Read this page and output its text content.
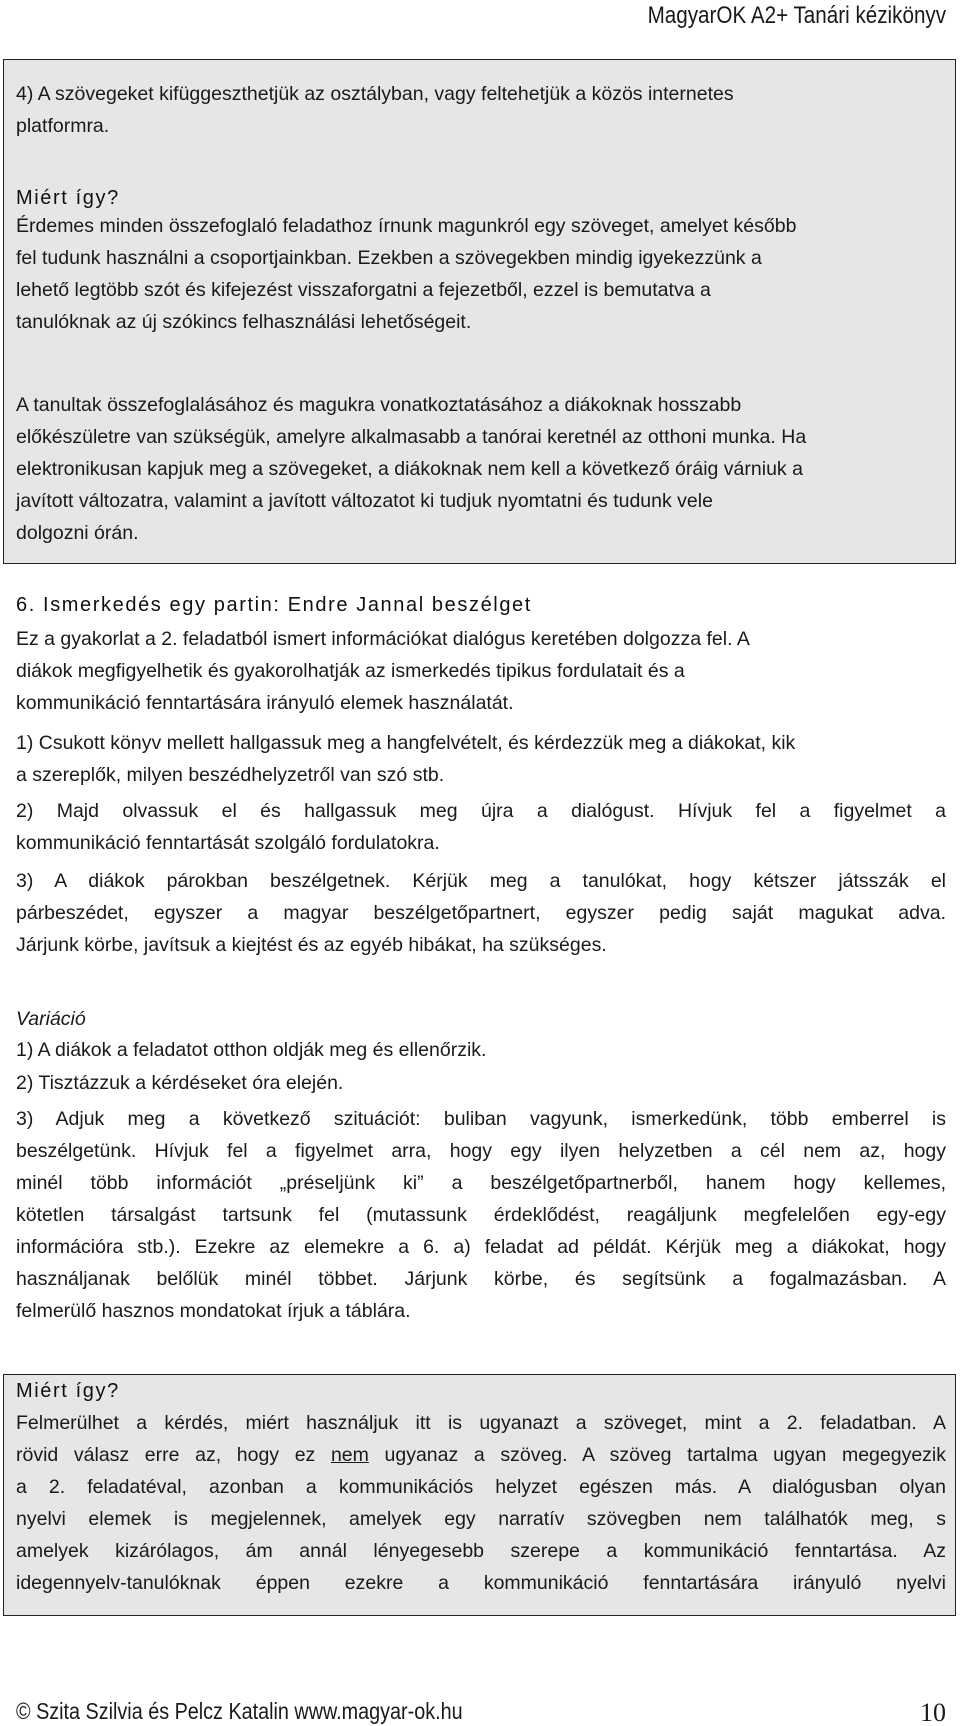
MagyarOK A2+ Tanári kézikönyv
4) A szövegeket kifüggeszthetjük az osztályban, vagy feltehetjük a közös internetes
platformra.
Miért így?
Érdemes minden összefoglaló feladathoz írnunk magunkról egy szöveget, amelyet később
fel tudunk használni a csoportjainkban. Ezekben a szövegekben mindig igyekezzünk a
lehető legtöbb szót és kifejezést visszaforgatni a fejezetből, ezzel is bemutatva a
tanulóknak az új szókincs felhasználási lehetőségeit.
A tanultak összefoglalásához és magukra vonatkoztatásához a diákoknak hosszabb
előkészületre van szükségük, amelyre alkalmasabb a tanórai keretnél az otthoni munka. Ha
elektronikusan kapjuk meg a szövegeket, a diákoknak nem kell a következő óráig várniuk a
javított változatra, valamint a javított változatot ki tudjuk nyomtatni és tudunk vele
dolgozni órán.
6. Ismerkedés egy partin: Endre Jannal beszélget
Ez a gyakorlat a 2. feladatból ismert információkat dialógus keretében dolgozza fel. A
diákok megfigyelhetik és gyakorolhatják az ismerkedés tipikus fordulatait és a
kommunikáció fenntartására irányuló elemek használatát.
1) Csukott könyv mellett hallgassuk meg a hangfelvételt, és kérdezzük meg a diákokat, kik
a szereplők, milyen beszédhelyzetről van szó stb.
2) Majd olvassuk el és hallgassuk meg újra a dialógust. Hívjuk fel a figyelmet a
kommunikáció fenntartását szolgáló fordulatokra.
3) A diákok párokban beszélgetnek. Kérjük meg a tanulókat, hogy kétszer játsszák el
párbeszédet, egyszer a magyar beszélgetőpartnert, egyszer pedig saját magukat adva.
Járjunk körbe, javítsuk a kiejtést és az egyéb hibákat, ha szükséges.
Variáció
1) A diákok a feladatot otthon oldják meg és ellenőrzik.
2) Tisztázzuk a kérdéseket óra elején.
3) Adjuk meg a következő szituációt: buliban vagyunk, ismerkedünk, több emberrel is
beszélgetünk. Hívjuk fel a figyelmet arra, hogy egy ilyen helyzetben a cél nem az, hogy
minél több információt „préseljünk ki” a beszélgetőpartnerből, hanem hogy kellemes,
kötetlen társalgást tartsunk fel (mutassunk érdeklődést, reagáljunk megfelelően egy-egy
információra stb.). Ezekre az elemekre a 6. a) feladat ad példát. Kérjük meg a diákokat, hogy
használjanak belőlük minél többet. Járjunk körbe, és segítsünk a fogalmazásban. A
felmerülő hasznos mondatokat írjuk a táblára.
Miért így?
Felmerülhet a kérdés, miért használjuk itt is ugyanazt a szöveget, mint a 2. feladatban. A
rövid válasz erre az, hogy ez nem ugyanaz a szöveg. A szöveg tartalma ugyan megegyezik
a 2. feladatéval, azonban a kommunikációs helyzet egészen más. A dialógusban olyan
nyelvi elemek is megjelennek, amelyek egy narratív szövegben nem találhatók meg, s
amelyek kizárólagos, ám annál lényegesebb szerepe a kommunikáció fenntartása. Az
idegennyelv-tanulóknak éppen ezekre a kommunikáció fenntartására irányuló nyelvi
© Szita Szilvia és Pelcz Katalin www.magyar-ok.hu	10
